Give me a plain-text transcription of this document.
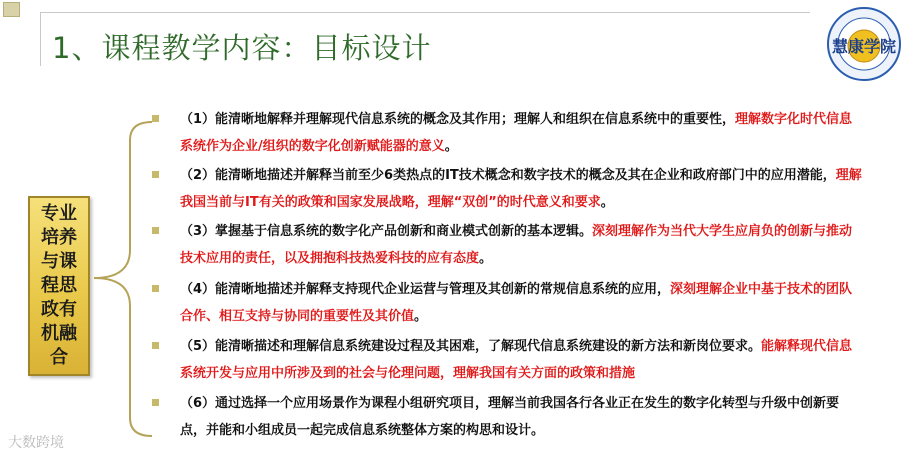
1、课程教学内容：目标设计	慧康学院
专业培养与课程思政有机融合
（1）能清晰地解释并理解现代信息系统的概念及其作用；理解人和组织在信息系统中的重要性，理解数字化时代信息系统作为企业/组织的数字化创新赋能器的意义。
（2）能清晰地描述并解释当前至少6类热点的IT技术概念和数字技术的概念及其在企业和政府部门中的应用潜能，理解我国当前与IT有关的政策和国家发展战略，理解“双创”的时代意义和要求。
（3）掌握基于信息系统的数字化产品创新和商业模式创新的基本逻辑。深刻理解作为当代大学生应肩负的创新与推动技术应用的责任，以及拥抱科技热爱科技的应有态度。
（4）能清晰地描述并解释支持现代企业运营与管理及其创新的常规信息系统的应用，深刻理解企业中基于技术的团队合作、相互支持与协同的重要性及其价值。
（5）能清晰描述和理解信息系统建设过程及其困难，了解现代信息系统建设的新方法和新岗位要求。能解释现代信息系统开发与应用中所涉及到的社会与伦理问题，理解我国有关方面的政策和措施
（6）通过选择一个应用场景作为课程小组研究项目，理解当前我国各行各业正在发生的数字化转型与升级中创新要点，并能和小组成员一起完成信息系统整体方案的构思和设计。
大数跨境
